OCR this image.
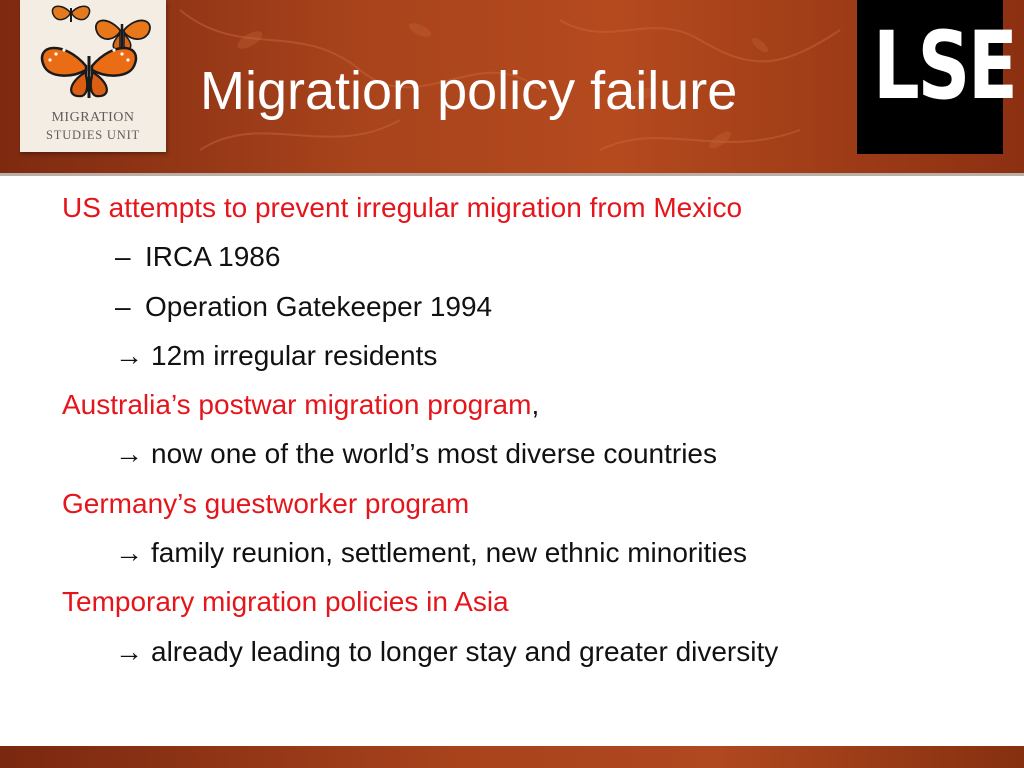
MIGRATION
STUDIES UNIT
Migration policy failure LSE
US attempts to prevent irregular migration from Mexico
– IRCA 1986
– Operation Gatekeeper 1994
→ 12m irregular residents
Australia’s postwar migration program,
→ now one of the world’s most diverse countries
Germany’s guestworker program
→ family reunion, settlement, new ethnic minorities
Temporary migration policies in Asia
→ already leading to longer stay and greater diversity
